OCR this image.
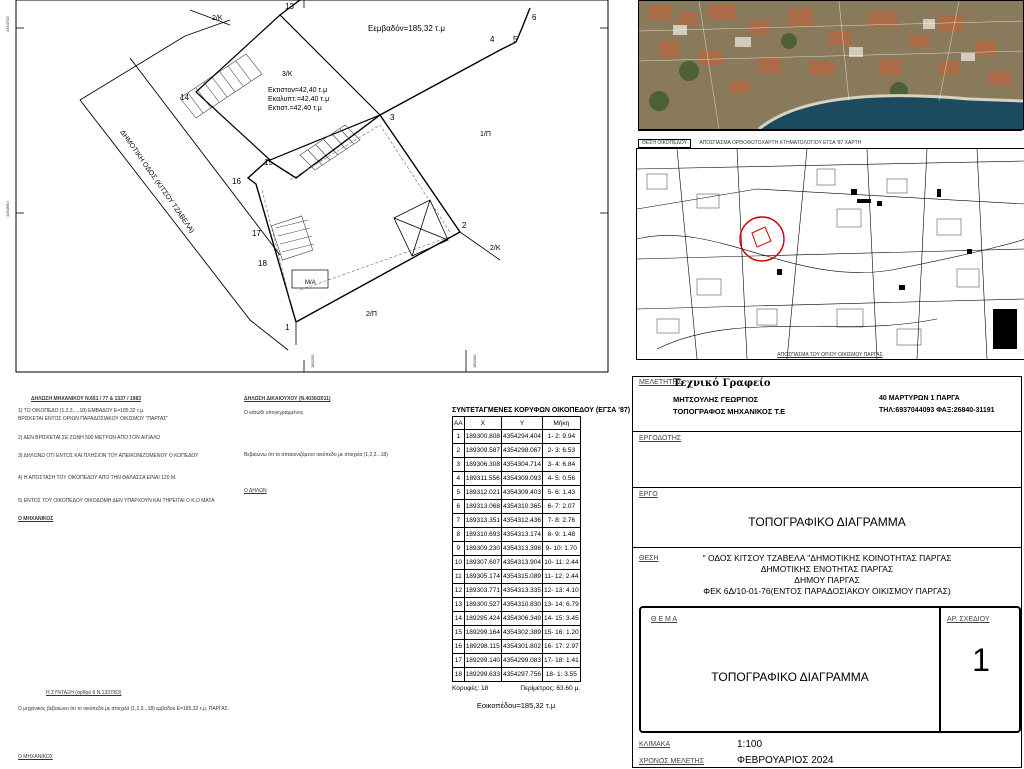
1
2
3
4 5
6
13
14
15
16
17
18
2/Κ
Εεμβαδόν=185,32 τ.μ
3/Κ
Εκτιστον=42,40 τ.μ
Εκαλυπτ.=42,40 τ.μ
Εκτιστ.=42,40 τ.μ
1/Π
2/Π
2/Κ
Μ/Α
ΔΗΜΟΤΙΚΗ ΟΔΟΣ (ΚΙΤΣΟΥ ΤΖΑΒΕΛΑ)
4354700
4354650
189250	189300
ΔΗΛΩΣΗ ΜΗΧΑΝΙΚΟΥ Ν.651 / 77 & 1337 / 1983
1) ΤΟ ΟΙΚΟΠΕΔΟ (1,2,3,...,18) ΕΜΒΑΔΟΥ Ε=185,32 τ.μ.
ΒΡΙΣΚΕΤΑΙ ΕΝΤΟΣ ΟΡΙΩΝ ΠΑΡΑΔΟΣΙΑΚΟΥ ΟΙΚΙΣΜΟΥ "ΠΑΡΓΑΣ"
2) ΔΕΝ ΒΡΙΣΚΕΤΑΙ ΣΕ ΖΩΝΗ 500 ΜΕΤΡΩΝ ΑΠΟ ΤΟΝ ΑΙΓΙΑΛΟ
3) ΔΗΛΩΝΩ ΟΤΙ ΕΝΤΟΣ ΚΑΙ ΠΛΗΣΙΟΝ ΤΟΥ ΑΠΕΙΚΟΝΙΖΟΜΕΝΟΥ Ο ΚΟΠΕΔΟΥ
4) Η ΑΠΟΣΤΑΣΗ ΤΟΥ ΟΙΚΟΠΕΔΟΥ ΑΠΟ ΤΗΝ ΘΑΛΑΣΣΑ ΕΙΝΑΙ 120 Μ.
5) ΕΝΤΟΣ ΤΟΥ ΟΙΚΟΠΕΔΟΥ ΟΙΚΟΔΟΜΗ ΔΕΝ ΥΠΑΡΧΟΥΝ ΚΑΙ ΤΗΡΕΙΤΑΙ Ο Κ.Ο ΜΑΤΑ
Ο ΜΗΧΑΝΙΚΟΣ
ΔΗΛΩΣΗ ΔΙΚΑΙΟΥΧΟΥ (Ν.4030/2011)
Ο κάτωθι υπογεγραμμένος
Βεβαιώνω ότι το απεικονιζόμενο οικόπεδο με στοιχεία (1,2,3...18)
Ο ΔΗΛΩΝ
Η ΣΥΝΤΑΞΗ (άρθρο 6 Ν.1337/83)
Ο μηχανικός βεβαιώνει ότι το οικόπεδο με στοιχεία (1,2,3...18) εμβαδού Ε=185,32 τ.μ. ΠΑΡΓΑΣ.
Ο ΜΗΧΑΝΙΚΟΣ
ΣΥΝΤΕΤΑΓΜΕΝΕΣ ΚΟΡΥΦΩΝ ΟΙΚΟΠΕΔΟΥ (ΕΓΣΑ '87)
ΑΑ	Χ	Υ	Μήκη
1	189300.808	4354294.404	1- 2: 9.94
2	189309.587	4354298.067	2- 3: 6.53
3	189306.308	4354304.714	3- 4: 6.84
4	189311.556	4354309.093	4- 5: 0.56
5	189312.021	4354309.403	5- 6: 1.43
6	189313.068	4354310.365	6- 7: 2.07
7	189313.351	4354312.436	7- 8: 2.76
8	189310.693	4354313.174	8- 9: 1.48
9	189309.230	4354313.398	9- 10: 1.70
10	189307.607	4354313.904	10- 11: 2.44
11	189305.174	4354315.089	11- 12: 2.44
12	189303.771	4354313.335	12- 13: 4.10
13	189300.527	4354310.830	13- 14: 6.79
14	189295.424	4354306.349	14- 15: 3.45
15	189299.164	4354302.389	15- 16: 1.20
16	189298.115	4354301.802	16- 17: 2.97
17	189299.140	4354299.083	17- 18: 1.41
18	189299.633	4354297.756	18- 1: 3.55
Κορυφές: 18	Περίμετρος: 63.60 μ.
Εοικοπέδου=185,32 τ.μ
ΘΕΣΗ ΟΙΚΟΠΕΔΟΥ ΑΠΟΣΠΑΣΜΑ ΟΡΘΟΦΩΤΟΧΑΡΤΗ ΚΤΗΜΑΤΟΛΟΓΙΟΥ ΕΓΣΑ '87 ΧΑΡΤΗ
ΑΠΟΣΠΑΣΜΑ ΤΟΥ ΟΡΙΟΥ ΟΙΚΙΣΜΟΥ ΠΑΡΓΑΣ
ΜΕΛΕΤΗΤΗΣ
Τεχνικό Γραφείο
ΜΗΤΣΟΥΛΗΣ ΓΕΩΡΓΙΟΣ
ΤΟΠΟΓΡΑΦΟΣ ΜΗΧΑΝΙΚΟΣ Τ.Ε
40 ΜΑΡΤΥΡΩΝ 1 ΠΑΡΓΑ
ΤΗΛ:6937044093 ΦΑΞ:26840-31191
ΕΡΓΟΔΟΤΗΣ
ΕΡΓΟ
ΤΟΠΟΓΡΑΦΙΚΟ ΔΙΑΓΡΑΜΜΑ
ΘΕΣΗ	" ΟΔΟΣ ΚΙΤΣΟΥ ΤΖΑΒΕΛΑ "ΔΗΜΟΤΙΚΗΣ ΚΟΙΝΟΤΗΤΑΣ ΠΑΡΓΑΣ
ΔΗΜΟΤΙΚΗΣ ΕΝΟΤΗΤΑΣ ΠΑΡΓΑΣ
ΔΗΜΟΥ ΠΑΡΓΑΣ
ΦΕΚ 6Δ/10-01-76(ΕΝΤΟΣ ΠΑΡΑΔΟΣΙΑΚΟΥ ΟΙΚΙΣΜΟΥ ΠΑΡΓΑΣ)
Θ Ε Μ Α
ΤΟΠΟΓΡΑΦΙΚΟ ΔΙΑΓΡΑΜΜΑ
ΑΡ. ΣΧΕΔΙΟΥ
1
ΚΛΙΜΑΚΑ	1:100
ΧΡΟΝΟΣ ΜΕΛΕΤΗΣ	ΦΕΒΡΟΥΑΡΙΟΣ 2024
